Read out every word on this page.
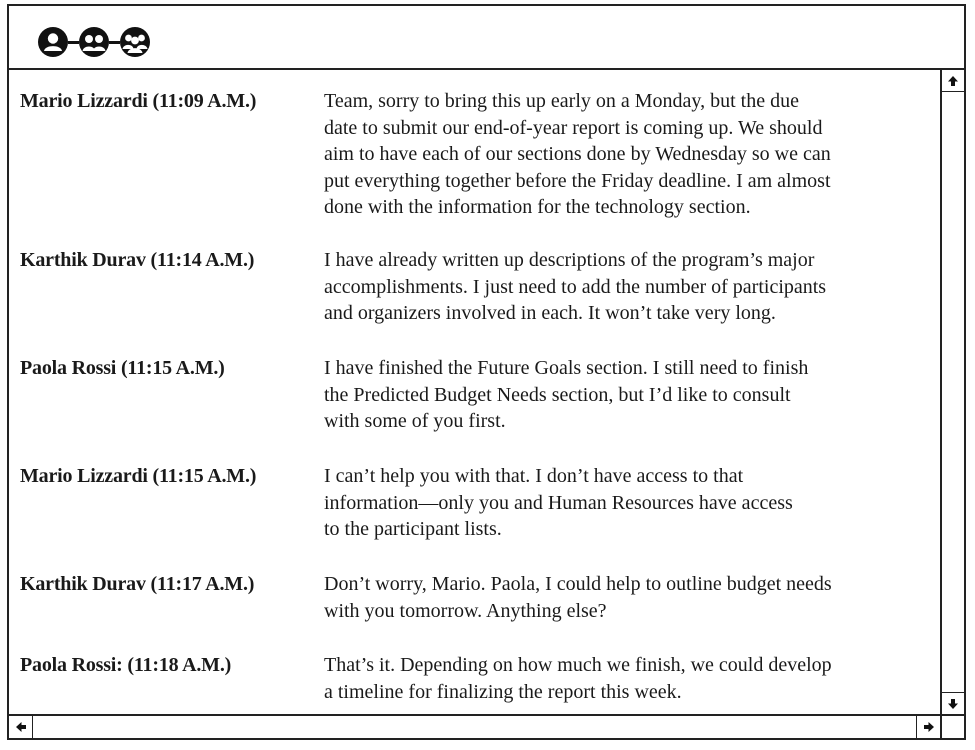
Mario Lizzardi (11:09 A.M.)	Team, sorry to bring this up early on a Monday, but the due
date to submit our end-of-year report is coming up. We should
aim to have each of our sections done by Wednesday so we can
put everything together before the Friday deadline. I am almost
done with the information for the technology section.
Karthik Durav (11:14 A.M.)	I have already written up descriptions of the program’s major
accomplishments. I just need to add the number of participants
and organizers involved in each. It won’t take very long.
Paola Rossi (11:15 A.M.)	I have finished the Future Goals section. I still need to finish
the Predicted Budget Needs section, but I’d like to consult
with some of you first.
Mario Lizzardi (11:15 A.M.)	I can’t help you with that. I don’t have access to that
information—only you and Human Resources have access
to the participant lists.
Karthik Durav (11:17 A.M.)	Don’t worry, Mario. Paola, I could help to outline budget needs
with you tomorrow. Anything else?
Paola Rossi: (11:18 A.M.)	That’s it. Depending on how much we finish, we could develop
a timeline for finalizing the report this week.
